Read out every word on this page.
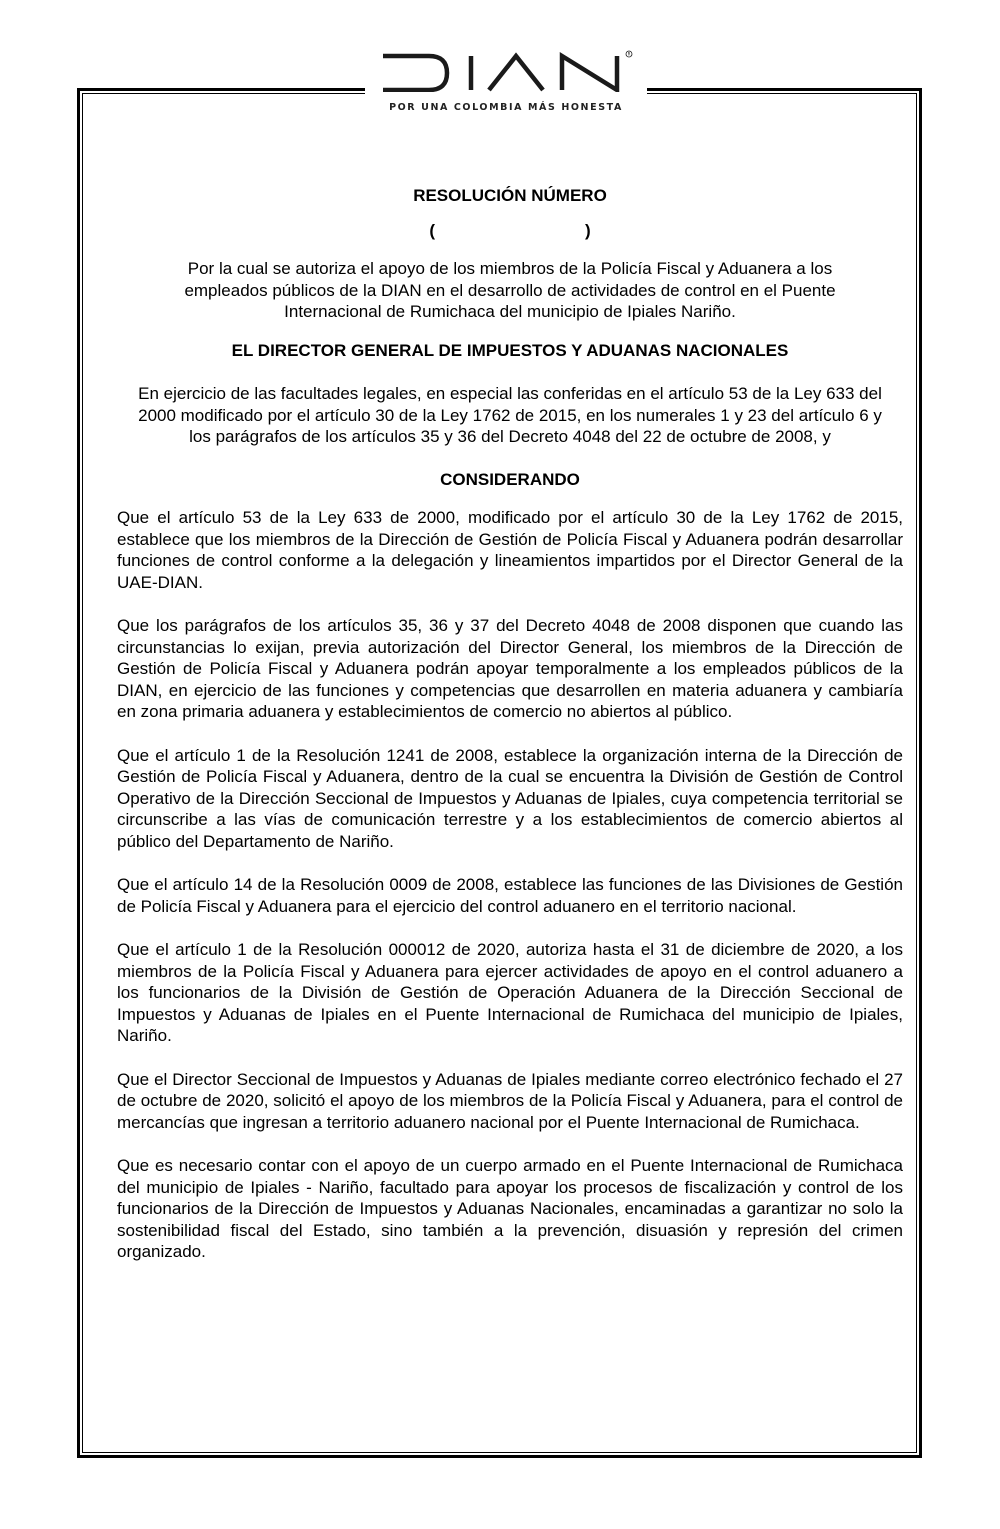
R
POR UNA COLOMBIA MÁS HONESTA
RESOLUCIÓN NÚMERO
(	)
Por la cual se autoriza el apoyo de los miembros de la Policía Fiscal y Aduanera a los empleados públicos de la DIAN en el desarrollo de actividades de control en el Puente Internacional de Rumichaca del municipio de Ipiales Nariño.
EL DIRECTOR GENERAL DE IMPUESTOS Y ADUANAS NACIONALES
En ejercicio de las facultades legales, en especial las conferidas en el artículo 53 de la Ley 633 del 2000 modificado por el artículo 30 de la Ley 1762 de 2015, en los numerales 1 y 23 del artículo 6 y los parágrafos de los artículos 35 y 36 del Decreto 4048 del 22 de octubre de 2008, y
CONSIDERANDO

Que el artículo 53 de la Ley 633 de 2000, modificado por el artículo 30 de la Ley 1762 de 2015, establece que los miembros de la Dirección de Gestión de Policía Fiscal y Aduanera podrán desarrollar funciones de control conforme a la delegación y lineamientos impartidos por el Director General de la UAE-DIAN.

Que los parágrafos de los artículos 35, 36 y 37 del Decreto 4048 de 2008 disponen que cuando las circunstancias lo exijan, previa autorización del Director General, los miembros de la Dirección de Gestión de Policía Fiscal y Aduanera podrán apoyar temporalmente a los empleados públicos de la DIAN, en ejercicio de las funciones y competencias que desarrollen en materia aduanera y cambiaría en zona primaria aduanera y establecimientos de comercio no abiertos al público.

Que el artículo 1 de la Resolución 1241 de 2008, establece la organización interna de la Dirección de Gestión de Policía Fiscal y Aduanera, dentro de la cual se encuentra la División de Gestión de Control Operativo de la Dirección Seccional de Impuestos y Aduanas de Ipiales, cuya competencia territorial se circunscribe a las vías de comunicación terrestre y a los establecimientos de comercio abiertos al público del Departamento de Nariño.

Que el artículo 14 de la Resolución 0009 de 2008, establece las funciones de las Divisiones de Gestión de Policía Fiscal y Aduanera para el ejercicio del control aduanero en el territorio nacional.

Que el artículo 1 de la Resolución 000012 de 2020, autoriza hasta el 31 de diciembre de 2020, a los miembros de la Policía Fiscal y Aduanera para ejercer actividades de apoyo en el control aduanero a los funcionarios de la División de Gestión de Operación Aduanera de la Dirección Seccional de Impuestos y Aduanas de Ipiales en el Puente Internacional de Rumichaca del municipio de Ipiales, Nariño.

Que el Director Seccional de Impuestos y Aduanas de Ipiales mediante correo electrónico fechado el 27 de octubre de 2020, solicitó el apoyo de los miembros de la Policía Fiscal y Aduanera, para el control de mercancías que ingresan a territorio aduanero nacional por el Puente Internacional de Rumichaca.

Que es necesario contar con el apoyo de un cuerpo armado en el Puente Internacional de Rumichaca del municipio de Ipiales - Nariño, facultado para apoyar los procesos de fiscalización y control de los funcionarios de la Dirección de Impuestos y Aduanas Nacionales, encaminadas a garantizar no solo la sostenibilidad fiscal del Estado, sino también a la prevención, disuasión y represión del crimen organizado.
